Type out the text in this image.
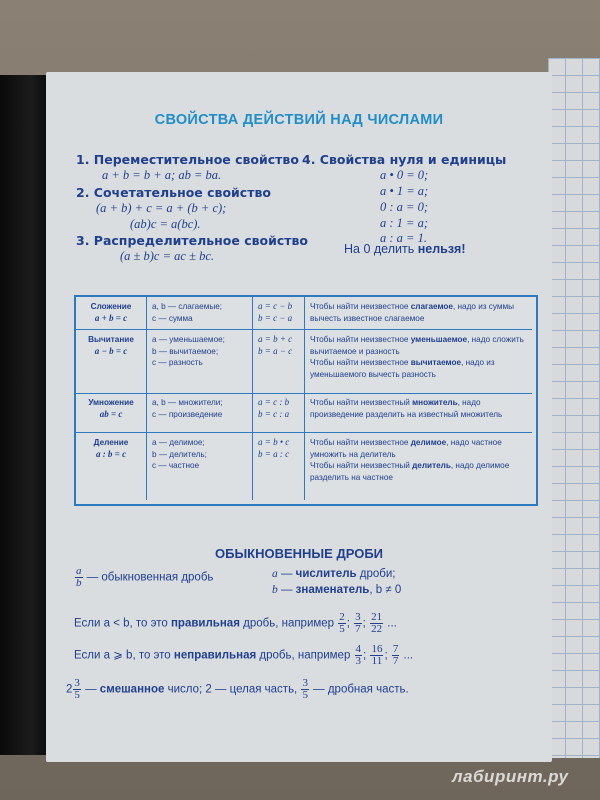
СВОЙСТВА ДЕЙСТВИЙ НАД ЧИСЛАМИ
1. Переместительное свойство
a + b = b + a; ab = ba.
2. Сочетательное свойство
(a + b) + c = a + (b + c);
(ab)c = a(bc).
3. Распределительное свойство
(a ± b)c = ac ± bc.
4. Свойства нуля и единицы
a • 0 = 0;
a • 1 = a;
0 : a = 0;
a : 1 = a;
a : a = 1.
На 0 делить нельзя!
Сложение
a + b = c
a, b — слагаемые;
c — сумма
a = c − b
b = c − a
Чтобы найти неизвестное слагаемое, надо из суммы вычесть известное слагаемое
Вычитание
a − b = c
a — уменьшаемое;
b — вычитаемое;
c — разность
a = b + c
b = a − c
Чтобы найти неизвестное уменьшаемое, надо сложить вычитаемое и разность
Чтобы найти неизвестное вычитаемое, надо из уменьшаемого вычесть разность
Умножение
ab = c
a, b — множители;
c — произведение
a = c : b
b = c : a
Чтобы найти неизвестный множитель, надо произведение разделить на известный множитель
Деление
a : b = c
a — делимое;
b — делитель;
c — частное
a = b • c
b = a : c
Чтобы найти неизвестное делимое, надо частное умножить на делитель
Чтобы найти неизвестный делитель, надо делимое разделить на частное
ОБЫКНОВЕННЫЕ ДРОБИ
$\frac{a}{b}$ — обыкновенная дробь	a — числитель дроби;
b — знаменатель, b ≠ 0
Если a < b, то это правильная дробь, например $\frac{2}{5}$ ; $\frac{3}{7}$ ; $\frac{21}{22}$ ...
Если a ⩾ b, то это неправильная дробь, например $\frac{4}{3}$ ; $\frac{16}{11}$ ; $\frac{7}{7}$ ...
$2 \frac{3}{5}$ — смешанное число; 2 — целая часть, $\frac{3}{5}$ — дробная часть.
лабиринт.ру
